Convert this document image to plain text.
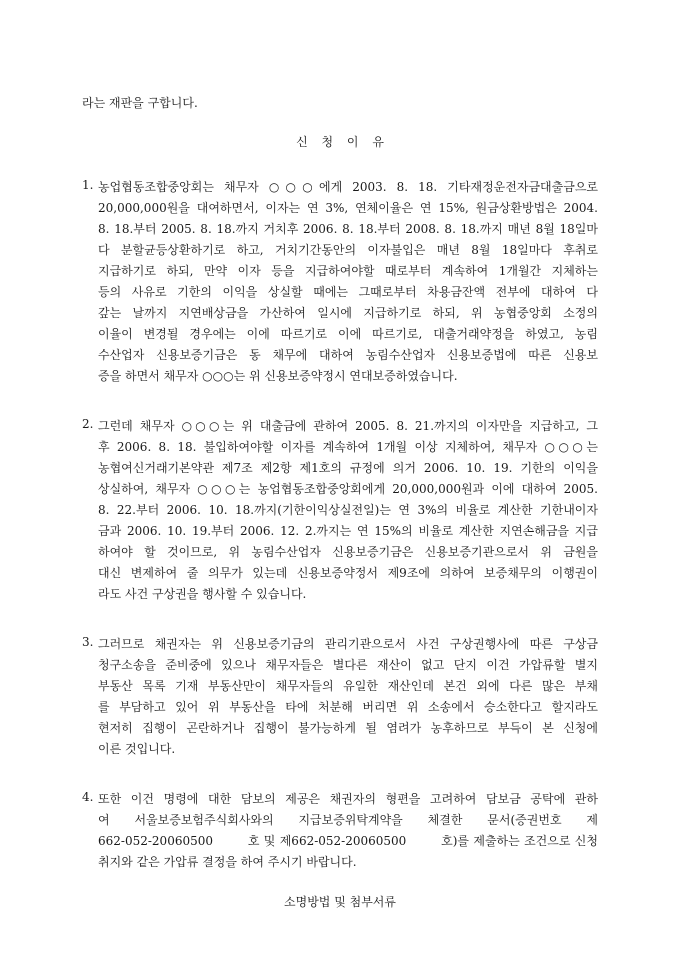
라는 재판을 구합니다.
신 청 이 유
1. 농업협동조합중앙회는 채무자 ○○○에게 2003. 8. 18. 기타재정운전자금대출금으로
20,000,000원을 대여하면서, 이자는 연 3%, 연체이율은 연 15%, 원금상환방법은 2004.
8. 18.부터 2005. 8. 18.까지 거치후 2006. 8. 18.부터 2008. 8. 18.까지 매년 8월 18일마
다 분할균등상환하기로 하고, 거치기간동안의 이자불입은 매년 8월 18일마다 후취로
지급하기로 하되, 만약 이자 등을 지급하여야할 때로부터 계속하여 1개월간 지체하는
등의 사유로 기한의 이익을 상실할 때에는 그때로부터 차용금잔액 전부에 대하여 다
갚는 날까지 지연배상금을 가산하여 일시에 지급하기로 하되, 위 농협중앙회 소정의
이율이 변경될 경우에는 이에 따르기로 이에 따르기로, 대출거래약정을 하였고, 농림
수산업자 신용보증기금은 동 채무에 대하여 농림수산업자 신용보증법에 따른 신용보
증을 하면서 채무자 ○○○는 위 신용보증약정시 연대보증하였습니다.
2. 그런데 채무자 ○○○는 위 대출금에 관하여 2005. 8. 21.까지의 이자만을 지급하고, 그
후 2006. 8. 18. 불입하여야할 이자를 계속하여 1개월 이상 지체하여, 채무자 ○○○는
농협여신거래기본약관 제7조 제2항 제1호의 규정에 의거 2006. 10. 19. 기한의 이익을
상실하여, 채무자 ○○○는 농업협동조합중앙회에게 20,000,000원과 이에 대하여 2005.
8. 22.부터 2006. 10. 18.까지(기한이익상실전일)는 연 3%의 비율로 계산한 기한내이자
금과 2006. 10. 19.부터 2006. 12. 2.까지는 연 15%의 비율로 계산한 지연손해금을 지급
하여야 할 것이므로, 위 농림수산업자 신용보증기금은 신용보증기관으로서 위 금원을
대신 변제하여 줄 의무가 있는데 신용보증약정서 제9조에 의하여 보증채무의 이행권이
라도 사건 구상권을 행사할 수 있습니다.
3. 그러므로 채권자는 위 신용보증기금의 관리기관으로서 사건 구상권행사에 따른 구상금
청구소송을 준비중에 있으나 채무자들은 별다른 재산이 없고 단지 이건 가압류할 별지
부동산 목록 기재 부동산만이 채무자들의 유일한 재산인데 본건 외에 다른 많은 부채
를 부담하고 있어 위 부동산을 타에 처분해 버리면 위 소송에서 승소한다고 할지라도
현저히 집행이 곤란하거나 집행이 불가능하게 될 염려가 농후하므로 부득이 본 신청에
이른 것입니다.
4. 또한 이건 명령에 대한 담보의 제공은 채권자의 형편을 고려하여 담보금 공탁에 관하
여    서울보증보험주식회사와의    지급보증위탁계약을    체결한    문서(증권번호    제
662-052-20060500        호 및 제662-052-20060500        호)를 제출하는 조건으로 신청
취지와 같은 가압류 결정을 하여 주시기 바랍니다.
소명방법 및 첨부서류
